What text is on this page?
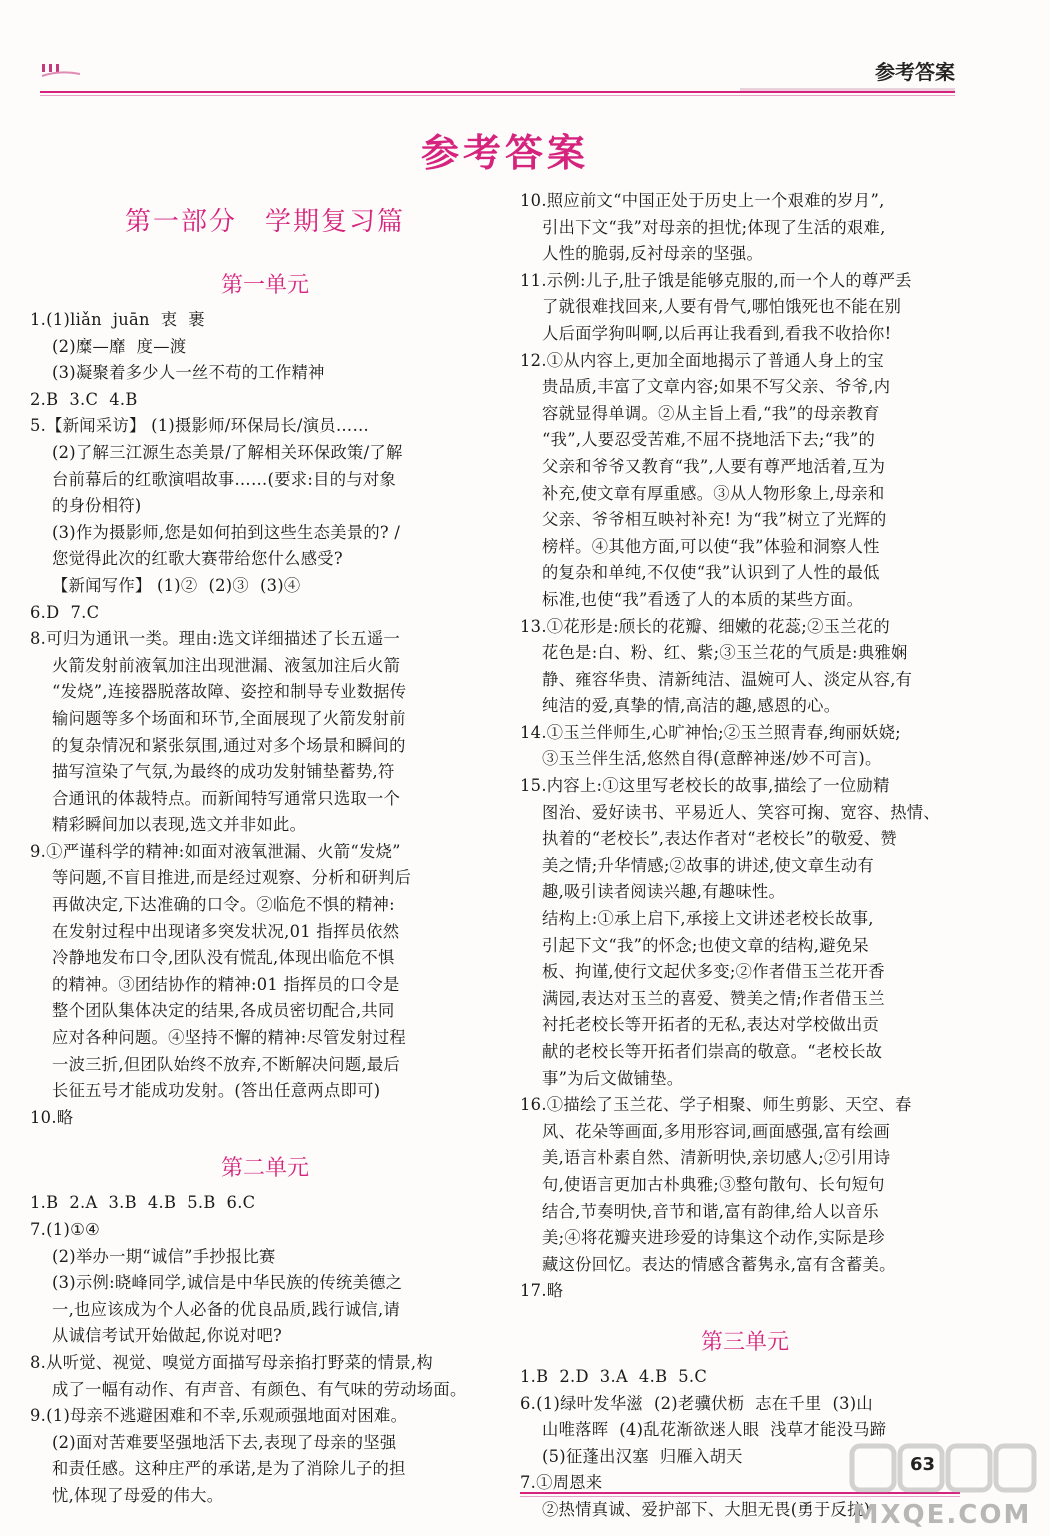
参考答案
参考答案
第一部分　学期复习篇
第一单元
1.(1)liǎn  juān  衷  裹
(2)糜—靡  度—渡
(3)凝聚着多少人一丝不苟的工作精神
2.B  3.C  4.B
5.【新闻采访】 (1)摄影师/环保局长/演员……
(2)了解三江源生态美景/了解相关环保政策/了解
台前幕后的红歌演唱故事……(要求:目的与对象
的身份相符)
(3)作为摄影师,您是如何拍到这些生态美景的? /
您觉得此次的红歌大赛带给您什么感受?
【新闻写作】 (1)②  (2)③  (3)④
6.D  7.C
8.可归为通讯一类。理由:选文详细描述了长五遥一
火箭发射前液氧加注出现泄漏、液氢加注后火箭
“发烧”,连接器脱落故障、姿控和制导专业数据传
输问题等多个场面和环节,全面展现了火箭发射前
的复杂情况和紧张氛围,通过对多个场景和瞬间的
描写渲染了气氛,为最终的成功发射铺垫蓄势,符
合通讯的体裁特点。而新闻特写通常只选取一个
精彩瞬间加以表现,选文并非如此。
9.①严谨科学的精神:如面对液氧泄漏、火箭“发烧”
等问题,不盲目推进,而是经过观察、分析和研判后
再做决定,下达准确的口令。②临危不惧的精神:
在发射过程中出现诸多突发状况,01 指挥员依然
冷静地发布口令,团队没有慌乱,体现出临危不惧
的精神。③团结协作的精神:01 指挥员的口令是
整个团队集体决定的结果,各成员密切配合,共同
应对各种问题。④坚持不懈的精神:尽管发射过程
一波三折,但团队始终不放弃,不断解决问题,最后
长征五号才能成功发射。(答出任意两点即可)
10.略
第二单元
1.B  2.A  3.B  4.B  5.B  6.C
7.(1)①④
(2)举办一期“诚信”手抄报比赛
(3)示例:晓峰同学,诚信是中华民族的传统美德之
一,也应该成为个人必备的优良品质,践行诚信,请
从诚信考试开始做起,你说对吧?
8.从听觉、视觉、嗅觉方面描写母亲掐打野菜的情景,构
成了一幅有动作、有声音、有颜色、有气味的劳动场面。
9.(1)母亲不逃避困难和不幸,乐观顽强地面对困难。
(2)面对苦难要坚强地活下去,表现了母亲的坚强
和责任感。这种庄严的承诺,是为了消除儿子的担
忧,体现了母爱的伟大。
10.照应前文“中国正处于历史上一个艰难的岁月”,
引出下文“我”对母亲的担忧;体现了生活的艰难,
人性的脆弱,反衬母亲的坚强。
11.示例:儿子,肚子饿是能够克服的,而一个人的尊严丢
了就很难找回来,人要有骨气,哪怕饿死也不能在别
人后面学狗叫啊,以后再让我看到,看我不收拾你!
12.①从内容上,更加全面地揭示了普通人身上的宝
贵品质,丰富了文章内容;如果不写父亲、爷爷,内
容就显得单调。②从主旨上看,“我”的母亲教育
“我”,人要忍受苦难,不屈不挠地活下去;“我”的
父亲和爷爷又教育“我”,人要有尊严地活着,互为
补充,使文章有厚重感。③从人物形象上,母亲和
父亲、爷爷相互映衬补充! 为“我”树立了光辉的
榜样。④其他方面,可以使“我”体验和洞察人性
的复杂和单纯,不仅使“我”认识到了人性的最低
标准,也使“我”看透了人的本质的某些方面。
13.①花形是:颀长的花瓣、细嫩的花蕊;②玉兰花的
花色是:白、粉、红、紫;③玉兰花的气质是:典雅娴
静、雍容华贵、清新纯洁、温婉可人、淡定从容,有
纯洁的爱,真挚的情,高洁的趣,感恩的心。
14.①玉兰伴师生,心旷神怡;②玉兰照青春,绚丽妖娆;
③玉兰伴生活,悠然自得(意醉神迷/妙不可言)。
15.内容上:①这里写老校长的故事,描绘了一位励精
图治、爱好读书、平易近人、笑容可掬、宽容、热情、
执着的“老校长”,表达作者对“老校长”的敬爱、赞
美之情;升华情感;②故事的讲述,使文章生动有
趣,吸引读者阅读兴趣,有趣味性。
结构上:①承上启下,承接上文讲述老校长故事,
引起下文“我”的怀念;也使文章的结构,避免呆
板、拘谨,使行文起伏多变;②作者借玉兰花开香
满园,表达对玉兰的喜爱、赞美之情;作者借玉兰
衬托老校长等开拓者的无私,表达对学校做出贡
献的老校长等开拓者们崇高的敬意。“老校长故
事”为后文做铺垫。
16.①描绘了玉兰花、学子相聚、师生剪影、天空、春
风、花朵等画面,多用形容词,画面感强,富有绘画
美,语言朴素自然、清新明快,亲切感人;②引用诗
句,使语言更加古朴典雅;③整句散句、长句短句
结合,节奏明快,音节和谐,富有韵律,给人以音乐
美;④将花瓣夹进珍爱的诗集这个动作,实际是珍
藏这份回忆。表达的情感含蓄隽永,富有含蓄美。
17.略
第三单元
1.B  2.D  3.A  4.B  5.C
6.(1)绿叶发华滋  (2)老骥伏枥  志在千里  (3)山
山唯落晖  (4)乱花渐欲迷人眼  浅草才能没马蹄
(5)征蓬出汉塞  归雁入胡天
7.①周恩来
②热情真诚、爱护部下、大胆无畏(勇于反抗)
63
MXQE.COM
